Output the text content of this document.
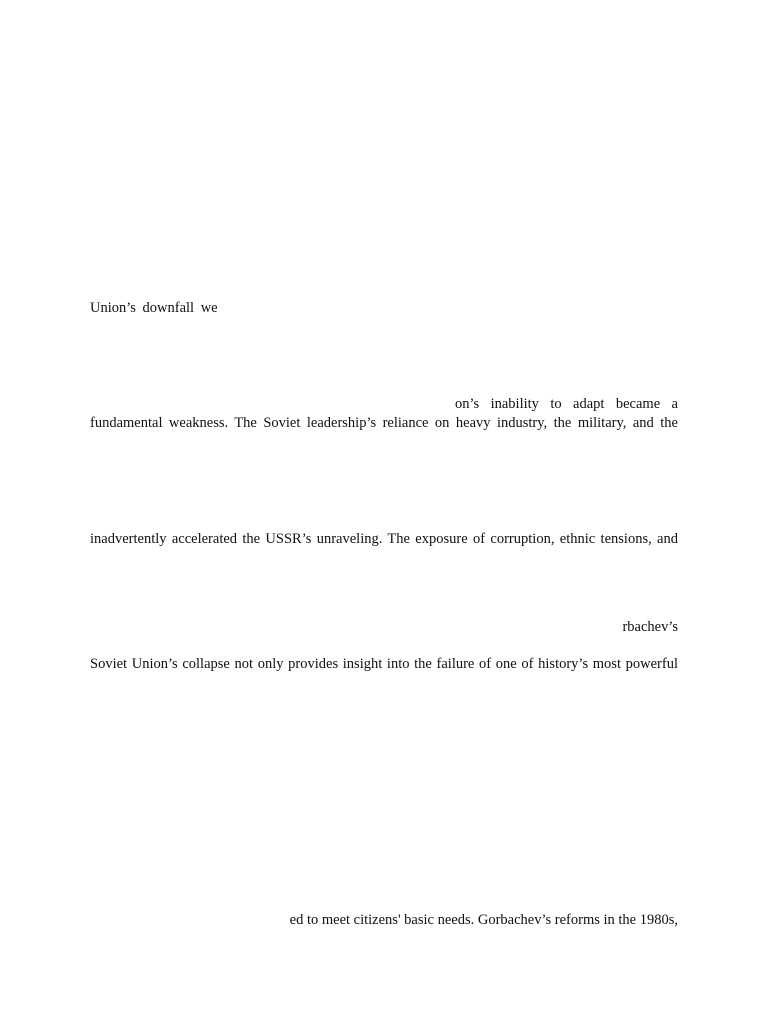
Union’s downfall we
on’s inability to adapt became a
fundamental weakness. The Soviet leadership’s reliance on heavy industry, the military, and the
inadvertently accelerated the USSR’s unraveling. The exposure of corruption, ethnic tensions, and
rbachev’s
Soviet Union’s collapse not only provides insight into the failure of one of history’s most powerful
ed to meet citizens' basic needs. Gorbachev’s reforms in the 1980s,
